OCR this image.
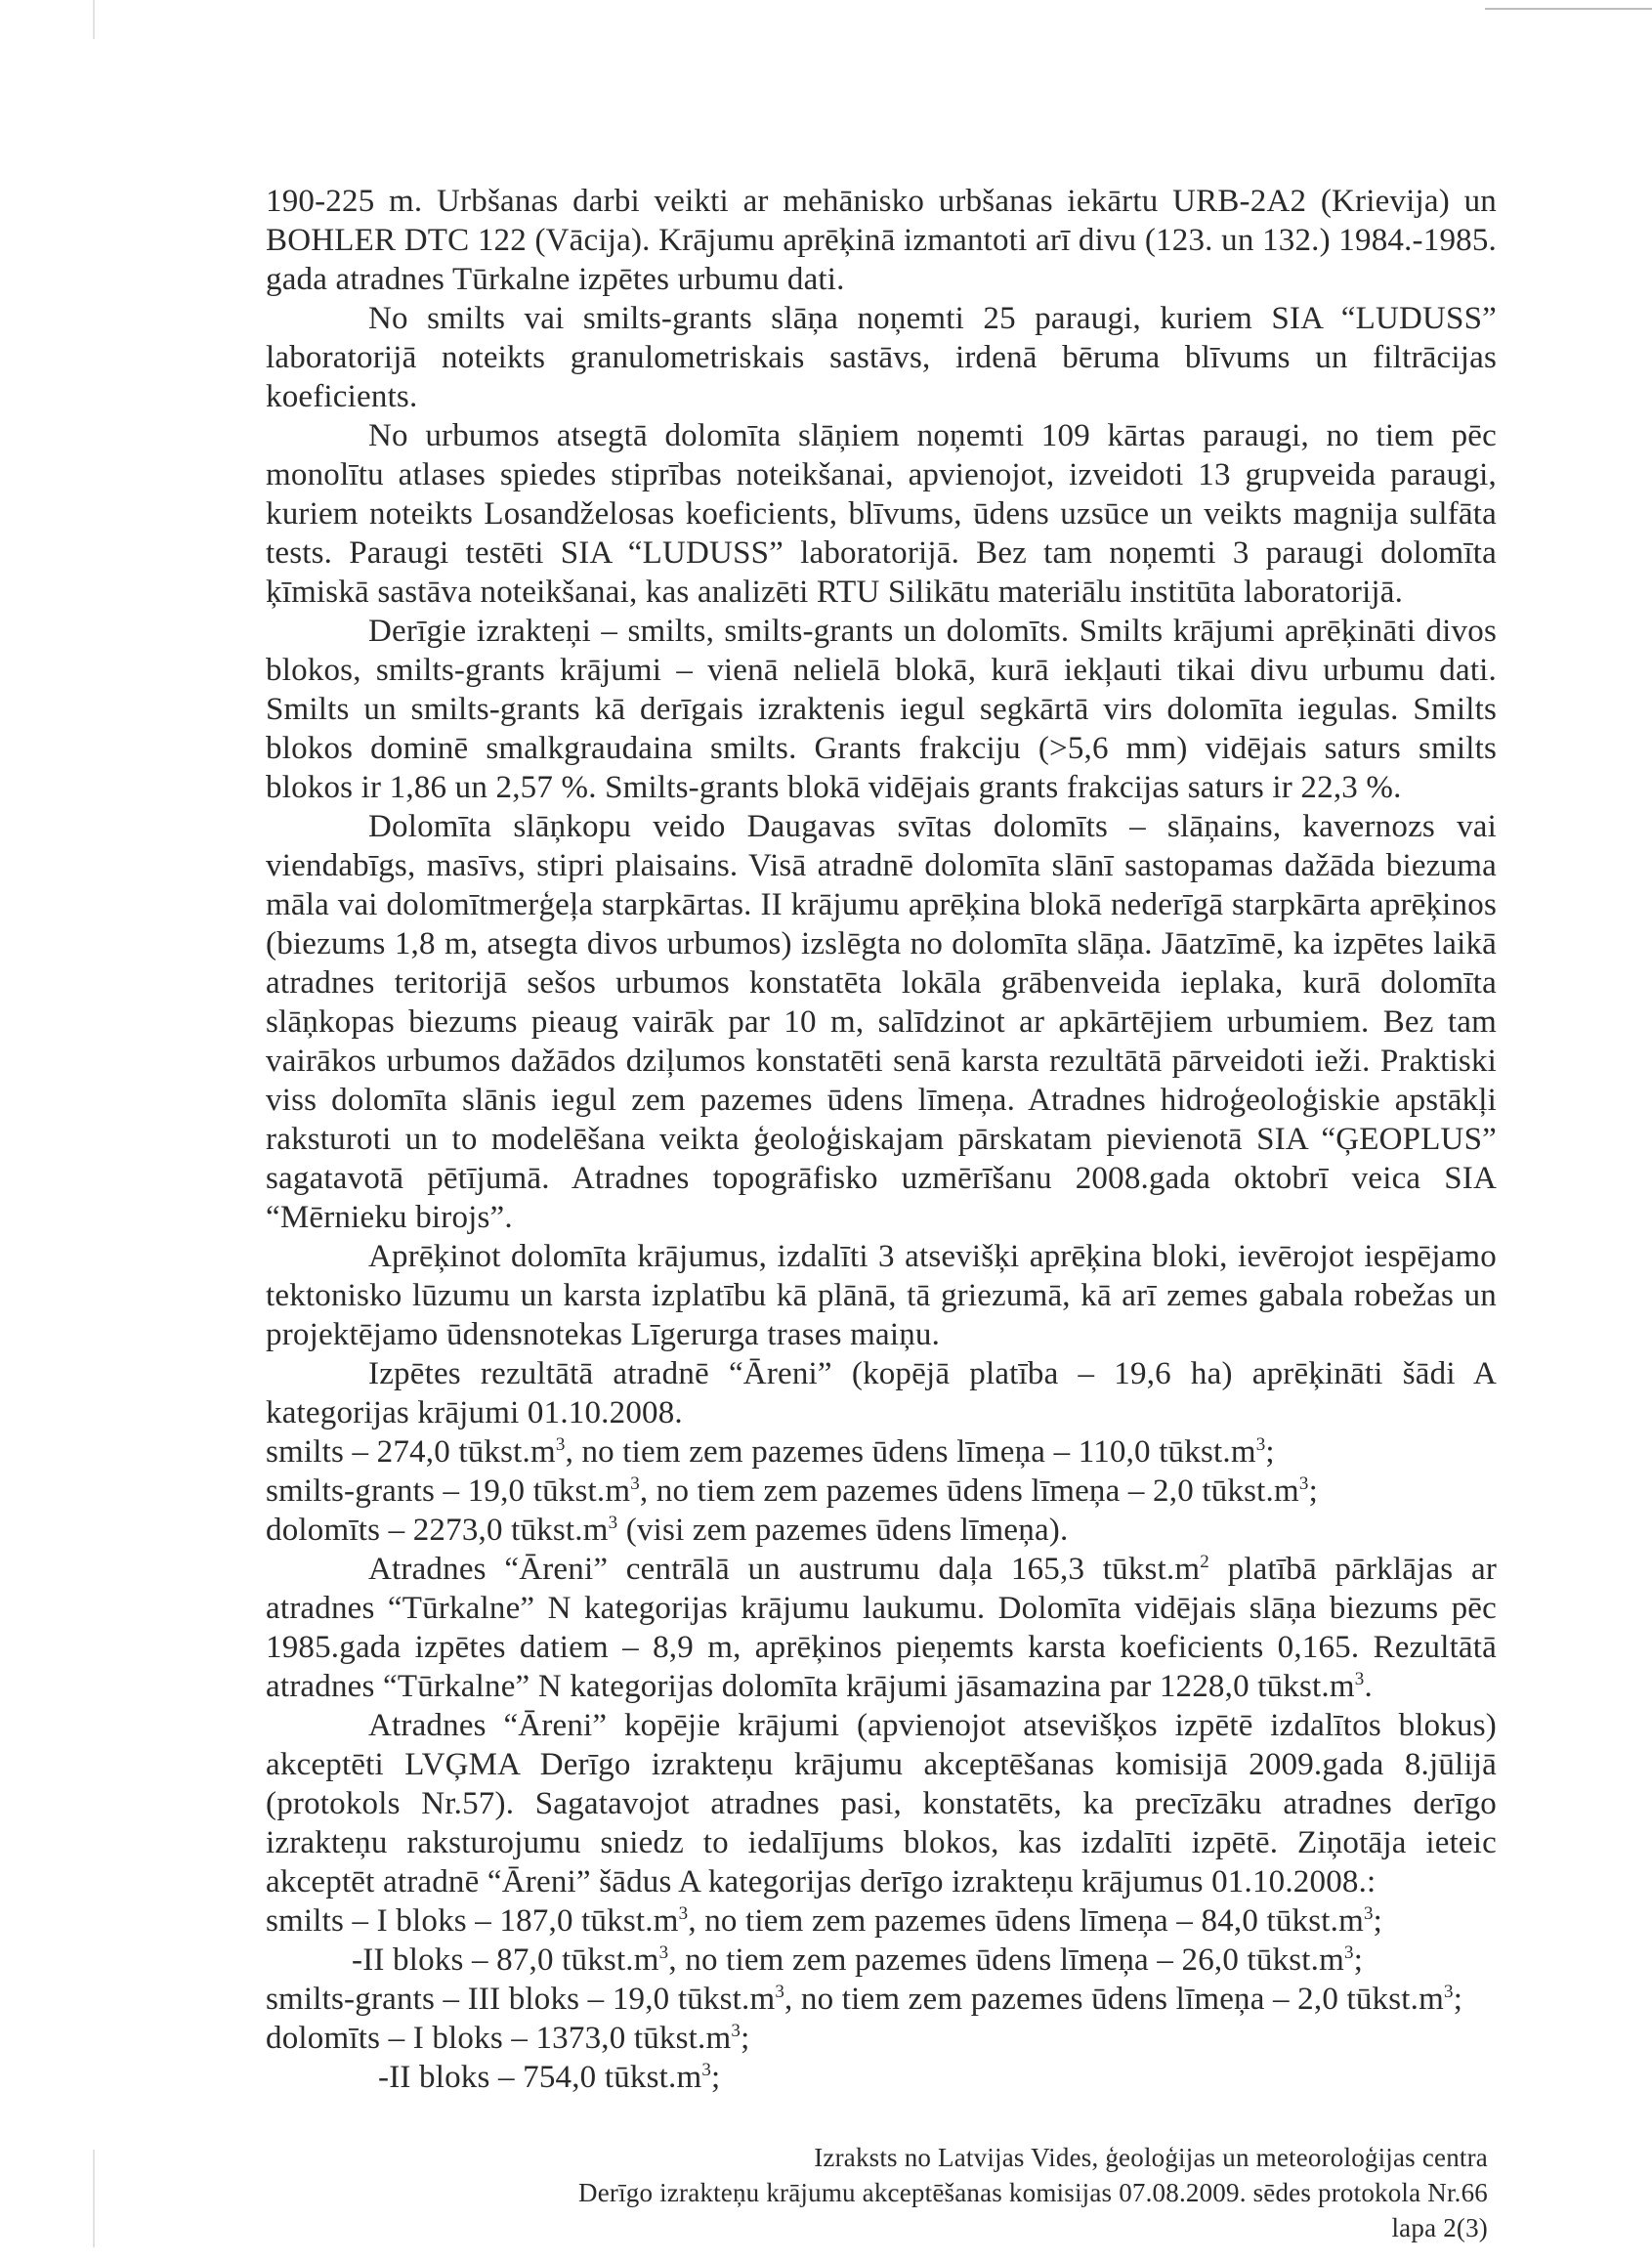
190-225 m. Urbšanas darbi veikti ar mehānisko urbšanas iekārtu URB-2A2 (Krievija) un BOHLER DTC 122 (Vācija). Krājumu aprēķinā izmantoti arī divu (123. un 132.) 1984.-1985. gada atradnes Tūrkalne izpētes urbumu dati.

No smilts vai smilts-grants slāņa noņemti 25 paraugi, kuriem SIA “LUDUSS” laboratorijā noteikts granulometriskais sastāvs, irdenā bēruma blīvums un filtrācijas koeficients.

No urbumos atsegtā dolomīta slāņiem noņemti 109 kārtas paraugi, no tiem pēc monolītu atlases spiedes stiprības noteikšanai, apvienojot, izveidoti 13 grupveida paraugi, kuriem noteikts Losandželosas koeficients, blīvums, ūdens uzsūce un veikts magnija sulfāta tests. Paraugi testēti SIA “LUDUSS” laboratorijā. Bez tam noņemti 3 paraugi dolomīta ķīmiskā sastāva noteikšanai, kas analizēti RTU Silikātu materiālu institūta laboratorijā.

Derīgie izrakteņi – smilts, smilts-grants un dolomīts. Smilts krājumi aprēķināti divos blokos, smilts-grants krājumi – vienā nelielā blokā, kurā iekļauti tikai divu urbumu dati. Smilts un smilts-grants kā derīgais izraktenis iegul segkārtā virs dolomīta iegulas. Smilts blokos dominē smalkgraudaina smilts. Grants frakciju (>5,6 mm) vidējais saturs smilts blokos ir 1,86 un 2,57 %. Smilts-grants blokā vidējais grants frakcijas saturs ir 22,3 %.

Dolomīta slāņkopu veido Daugavas svītas dolomīts – slāņains, kavernozs vai viendabīgs, masīvs, stipri plaisains. Visā atradnē dolomīta slānī sastopamas dažāda biezuma māla vai dolomītmerģeļa starpkārtas. II krājumu aprēķina blokā nederīgā starpkārta aprēķinos (biezums 1,8 m, atsegta divos urbumos) izslēgta no dolomīta slāņa. Jāatzīmē, ka izpētes laikā atradnes teritorijā sešos urbumos konstatēta lokāla grābenveida ieplaka, kurā dolomīta slāņkopas biezums pieaug vairāk par 10 m, salīdzinot ar apkārtējiem urbumiem. Bez tam vairākos urbumos dažādos dziļumos konstatēti senā karsta rezultātā pārveidoti ieži. Praktiski viss dolomīta slānis iegul zem pazemes ūdens līmeņa. Atradnes hidroģeoloģiskie apstākļi raksturoti un to modelēšana veikta ģeoloģiskajam pārskatam pievienotā SIA “ĢEOPLUS” sagatavotā pētījumā. Atradnes topogrāfisko uzmērīšanu 2008.gada oktobrī veica SIA “Mērnieku birojs”.

Aprēķinot dolomīta krājumus, izdalīti 3 atsevišķi aprēķina bloki, ievērojot iespējamo tektonisko lūzumu un karsta izplatību kā plānā, tā griezumā, kā arī zemes gabala robežas un projektējamo ūdensnotekas Līgerurga trases maiņu.

Izpētes rezultātā atradnē “Āreni” (kopējā platība – 19,6 ha) aprēķināti šādi A kategorijas krājumi 01.10.2008.

smilts – 274,0 $tūkst.m^3$, no tiem zem pazemes ūdens līmeņa – 110,0 $tūkst.m^3$;

smilts-grants – 19,0 $tūkst.m^3$, no tiem zem pazemes ūdens līmeņa – 2,0 $tūkst.m^3$;

dolomīts – 2273,0 $tūkst.m^3$ (visi zem pazemes ūdens līmeņa).

Atradnes “Āreni” centrālā un austrumu daļa 165,3 $tūkst.m^2$ platībā pārklājas ar atradnes “Tūrkalne” N kategorijas krājumu laukumu. Dolomīta vidējais slāņa biezums pēc 1985.gada izpētes datiem – 8,9 m, aprēķinos pieņemts karsta koeficients 0,165. Rezultātā atradnes “Tūrkalne” N kategorijas dolomīta krājumi jāsamazina par 1228,0 $tūkst.m^3$.

Atradnes “Āreni” kopējie krājumi (apvienojot atsevišķos izpētē izdalītos blokus) akceptēti LVĢMA Derīgo izrakteņu krājumu akceptēšanas komisijā 2009.gada 8.jūlijā (protokols Nr.57). Sagatavojot atradnes pasi, konstatēts, ka precīzāku atradnes derīgo izrakteņu raksturojumu sniedz to iedalījums blokos, kas izdalīti izpētē. Ziņotāja ieteic akceptēt atradnē “Āreni” šādus A kategorijas derīgo izrakteņu krājumus 01.10.2008.:

smilts – I bloks – 187,0 $tūkst.m^3$, no tiem zem pazemes ūdens līmeņa – 84,0 $tūkst.m^3$;

-II bloks – 87,0 $tūkst.m^3$, no tiem zem pazemes ūdens līmeņa – 26,0 $tūkst.m^3$;

smilts-grants – III bloks – 19,0 $tūkst.m^3$, no tiem zem pazemes ūdens līmeņa – 2,0 $tūkst.m^3$;

dolomīts – I bloks – 1373,0 $tūkst.m^3$;

-II bloks – 754,0 $tūkst.m^3$;

Izraksts no Latvijas Vides, ģeoloģijas un meteoroloģijas centra
Derīgo izrakteņu krājumu akceptēšanas komisijas 07.08.2009. sēdes protokola Nr.66
lapa 2(3)
